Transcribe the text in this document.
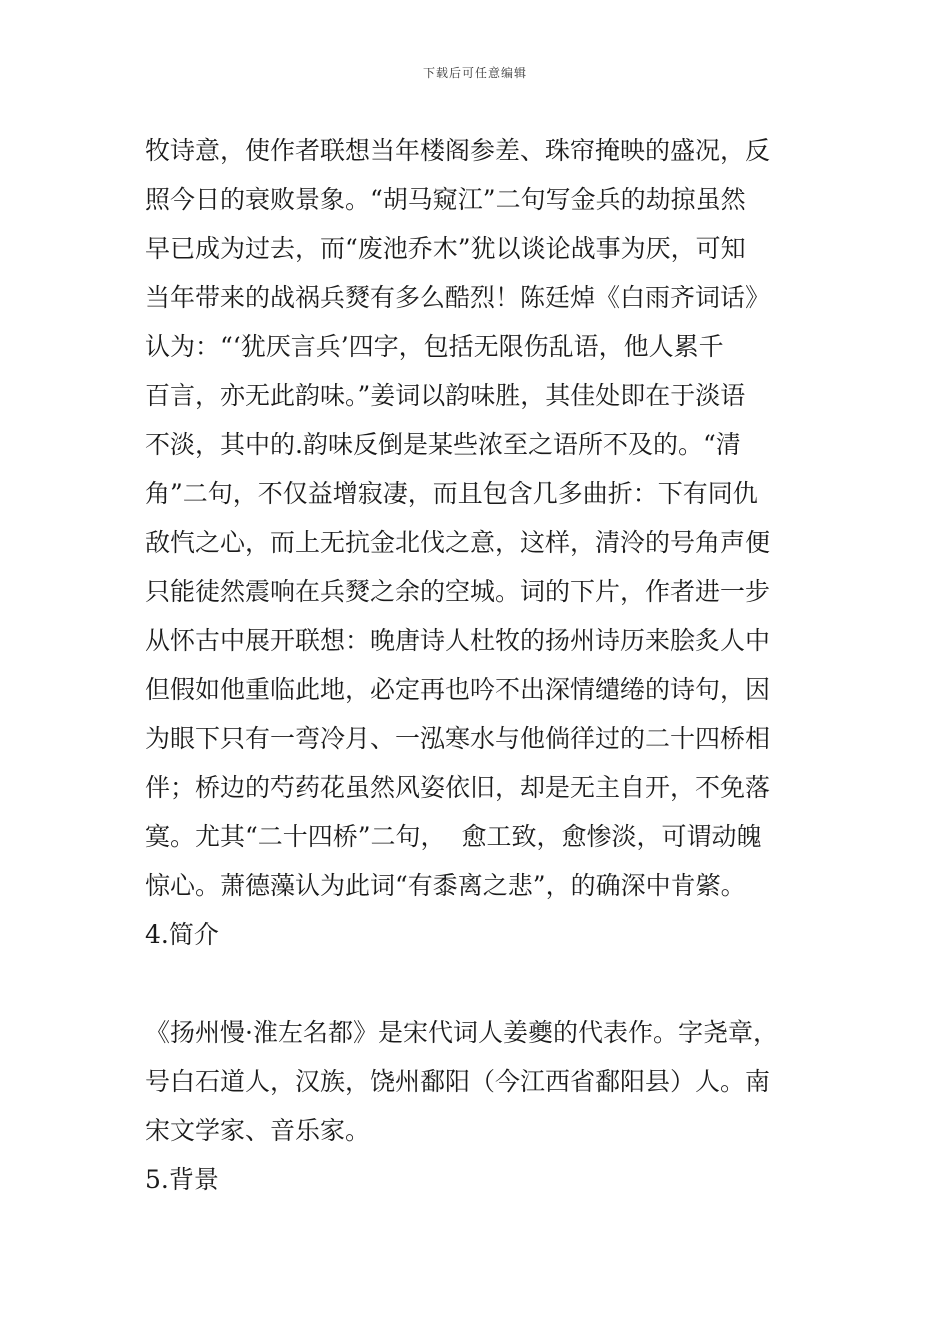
下载后可任意编辑
牧诗意，使作者联想当年楼阁参差、珠帘掩映的盛况，反
照今日的衰败景象。“胡马窥江”二句写金兵的劫掠虽然
早已成为过去，而“废池乔木”犹以谈论战事为厌，可知
当年带来的战祸兵燹有多么酷烈！陈廷焯《白雨齐词话》
认为：“‘犹厌言兵’四字，包括无限伤乱语，他人累千
百言，亦无此韵味。”姜词以韵味胜，其佳处即在于淡语
不淡，其中的.韵味反倒是某些浓至之语所不及的。“清
角”二句，不仅益增寂凄，而且包含几多曲折：下有同仇
敌忾之心，而上无抗金北伐之意，这样，清泠的号角声便
只能徒然震响在兵燹之余的空城。词的下片，作者进一步
从怀古中展开联想：晚唐诗人杜牧的扬州诗历来脍炙人中
但假如他重临此地，必定再也吟不出深情缱绻的诗句，因
为眼下只有一弯冷月、一泓寒水与他倘徉过的二十四桥相
伴；桥边的芍药花虽然风姿依旧，却是无主自开，不免落
寞。尤其“二十四桥”二句，  愈工致，愈惨淡，可谓动魄
惊心。萧德藻认为此词“有黍离之悲”，的确深中肯綮。
4.简介
《扬州慢·淮左名都》是宋代词人姜夔的代表作。字尧章，
号白石道人，汉族，饶州鄱阳（今江西省鄱阳县）人。南
宋文学家、音乐家。
5.背景
